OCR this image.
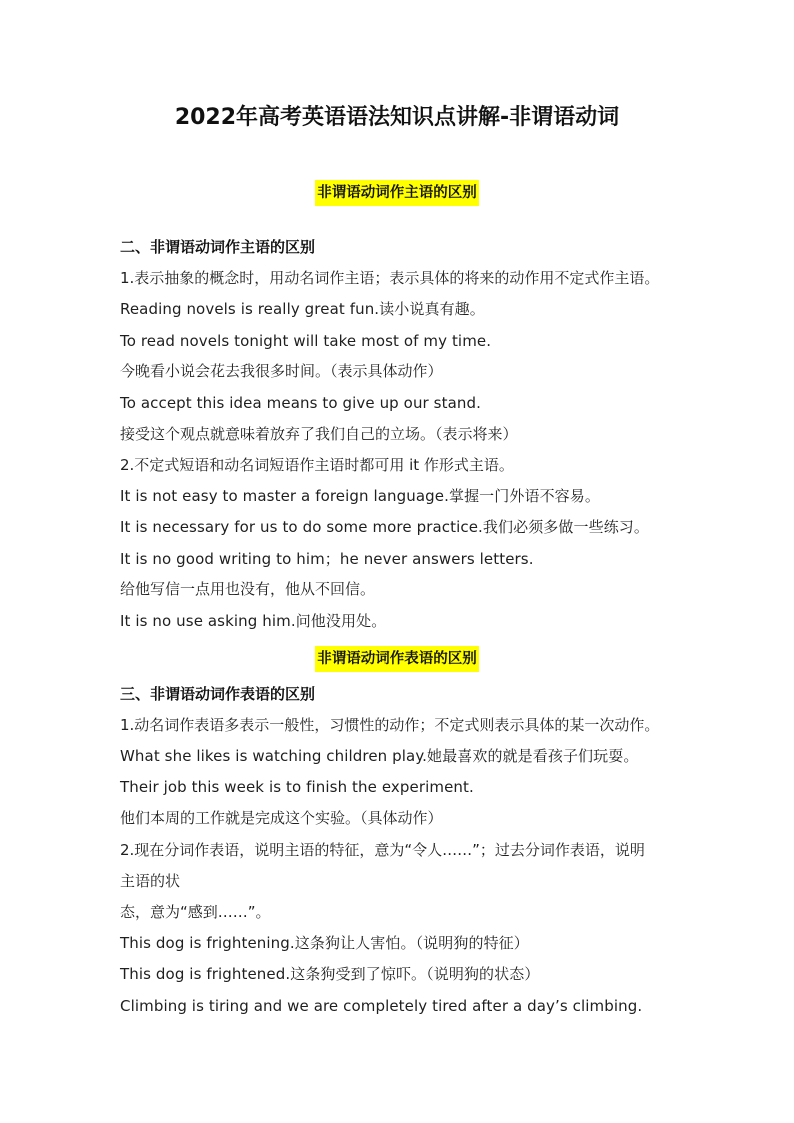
2022年高考英语语法知识点讲解-非谓语动词
非谓语动词作主语的区别
二、非谓语动词作主语的区别
1.表示抽象的概念时，用动名词作主语；表示具体的将来的动作用不定式作主语。
Reading novels is really great fun.读小说真有趣。
To read novels tonight will take most of my time.
今晚看小说会花去我很多时间。（表示具体动作）
To accept this idea means to give up our stand.
接受这个观点就意味着放弃了我们自己的立场。（表示将来）
2.不定式短语和动名词短语作主语时都可用 it 作形式主语。
It is not easy to master a foreign language.掌握一门外语不容易。
It is necessary for us to do some more practice.我们必须多做一些练习。
It is no good writing to him；he never answers letters.
给他写信一点用也没有，他从不回信。
It is no use asking him.问他没用处。
非谓语动词作表语的区别
三、非谓语动词作表语的区别
1.动名词作表语多表示一般性，习惯性的动作；不定式则表示具体的某一次动作。
What she likes is watching children play.她最喜欢的就是看孩子们玩耍。
Their job this week is to finish the experiment.
他们本周的工作就是完成这个实验。（具体动作）
2.现在分词作表语，说明主语的特征，意为“令人……”；过去分词作表语，说明
主语的状
态，意为“感到……”。
This dog is frightening.这条狗让人害怕。（说明狗的特征）
This dog is frightened.这条狗受到了惊吓。（说明狗的状态）
Climbing is tiring and we are completely tired after a day’s climbing.
